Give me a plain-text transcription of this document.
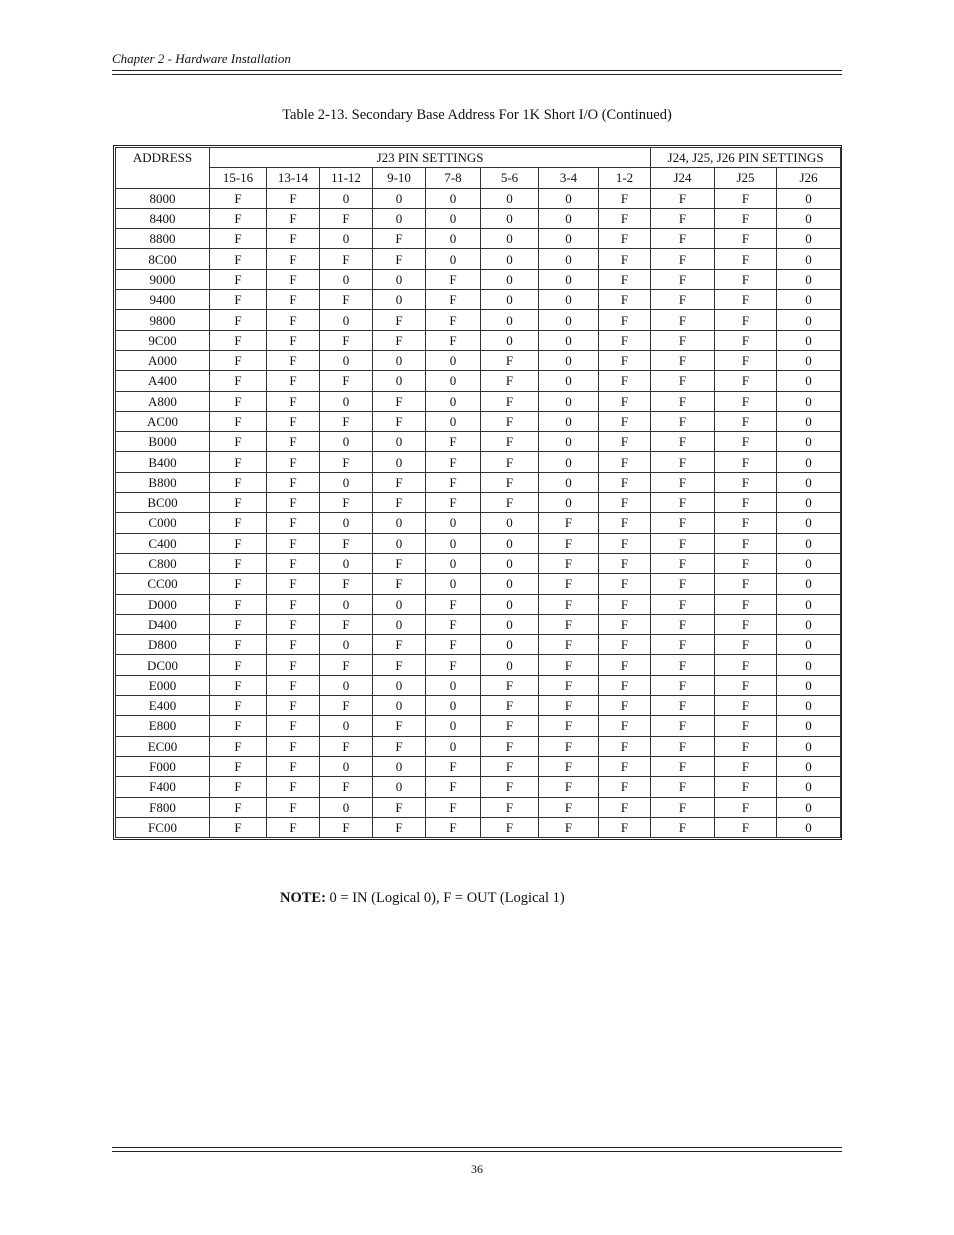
Chapter 2 - Hardware Installation
Table 2-13. Secondary Base Address For 1K Short I/O (Continued)
ADDRESS	J23 PIN SETTINGS								J24, J25, J26 PIN SETTINGS		
	15-16	13-14	11-12	9-10	7-8	5-6	3-4	1-2	J24	J25	J26
8000	F	F	0	0	0	0	0	F	F	F	0
8400	F	F	F	0	0	0	0	F	F	F	0
8800	F	F	0	F	0	0	0	F	F	F	0
8C00	F	F	F	F	0	0	0	F	F	F	0
9000	F	F	0	0	F	0	0	F	F	F	0
9400	F	F	F	0	F	0	0	F	F	F	0
9800	F	F	0	F	F	0	0	F	F	F	0
9C00	F	F	F	F	F	0	0	F	F	F	0
A000	F	F	0	0	0	F	0	F	F	F	0
A400	F	F	F	0	0	F	0	F	F	F	0
A800	F	F	0	F	0	F	0	F	F	F	0
AC00	F	F	F	F	0	F	0	F	F	F	0
B000	F	F	0	0	F	F	0	F	F	F	0
B400	F	F	F	0	F	F	0	F	F	F	0
B800	F	F	0	F	F	F	0	F	F	F	0
BC00	F	F	F	F	F	F	0	F	F	F	0
C000	F	F	0	0	0	0	F	F	F	F	0
C400	F	F	F	0	0	0	F	F	F	F	0
C800	F	F	0	F	0	0	F	F	F	F	0
CC00	F	F	F	F	0	0	F	F	F	F	0
D000	F	F	0	0	F	0	F	F	F	F	0
D400	F	F	F	0	F	0	F	F	F	F	0
D800	F	F	0	F	F	0	F	F	F	F	0
DC00	F	F	F	F	F	0	F	F	F	F	0
E000	F	F	0	0	0	F	F	F	F	F	0
E400	F	F	F	0	0	F	F	F	F	F	0
E800	F	F	0	F	0	F	F	F	F	F	0
EC00	F	F	F	F	0	F	F	F	F	F	0
F000	F	F	0	0	F	F	F	F	F	F	0
F400	F	F	F	0	F	F	F	F	F	F	0
F800	F	F	0	F	F	F	F	F	F	F	0
FC00	F	F	F	F	F	F	F	F	F	F	0
NOTE: 0 = IN (Logical 0), F = OUT (Logical 1)
36
